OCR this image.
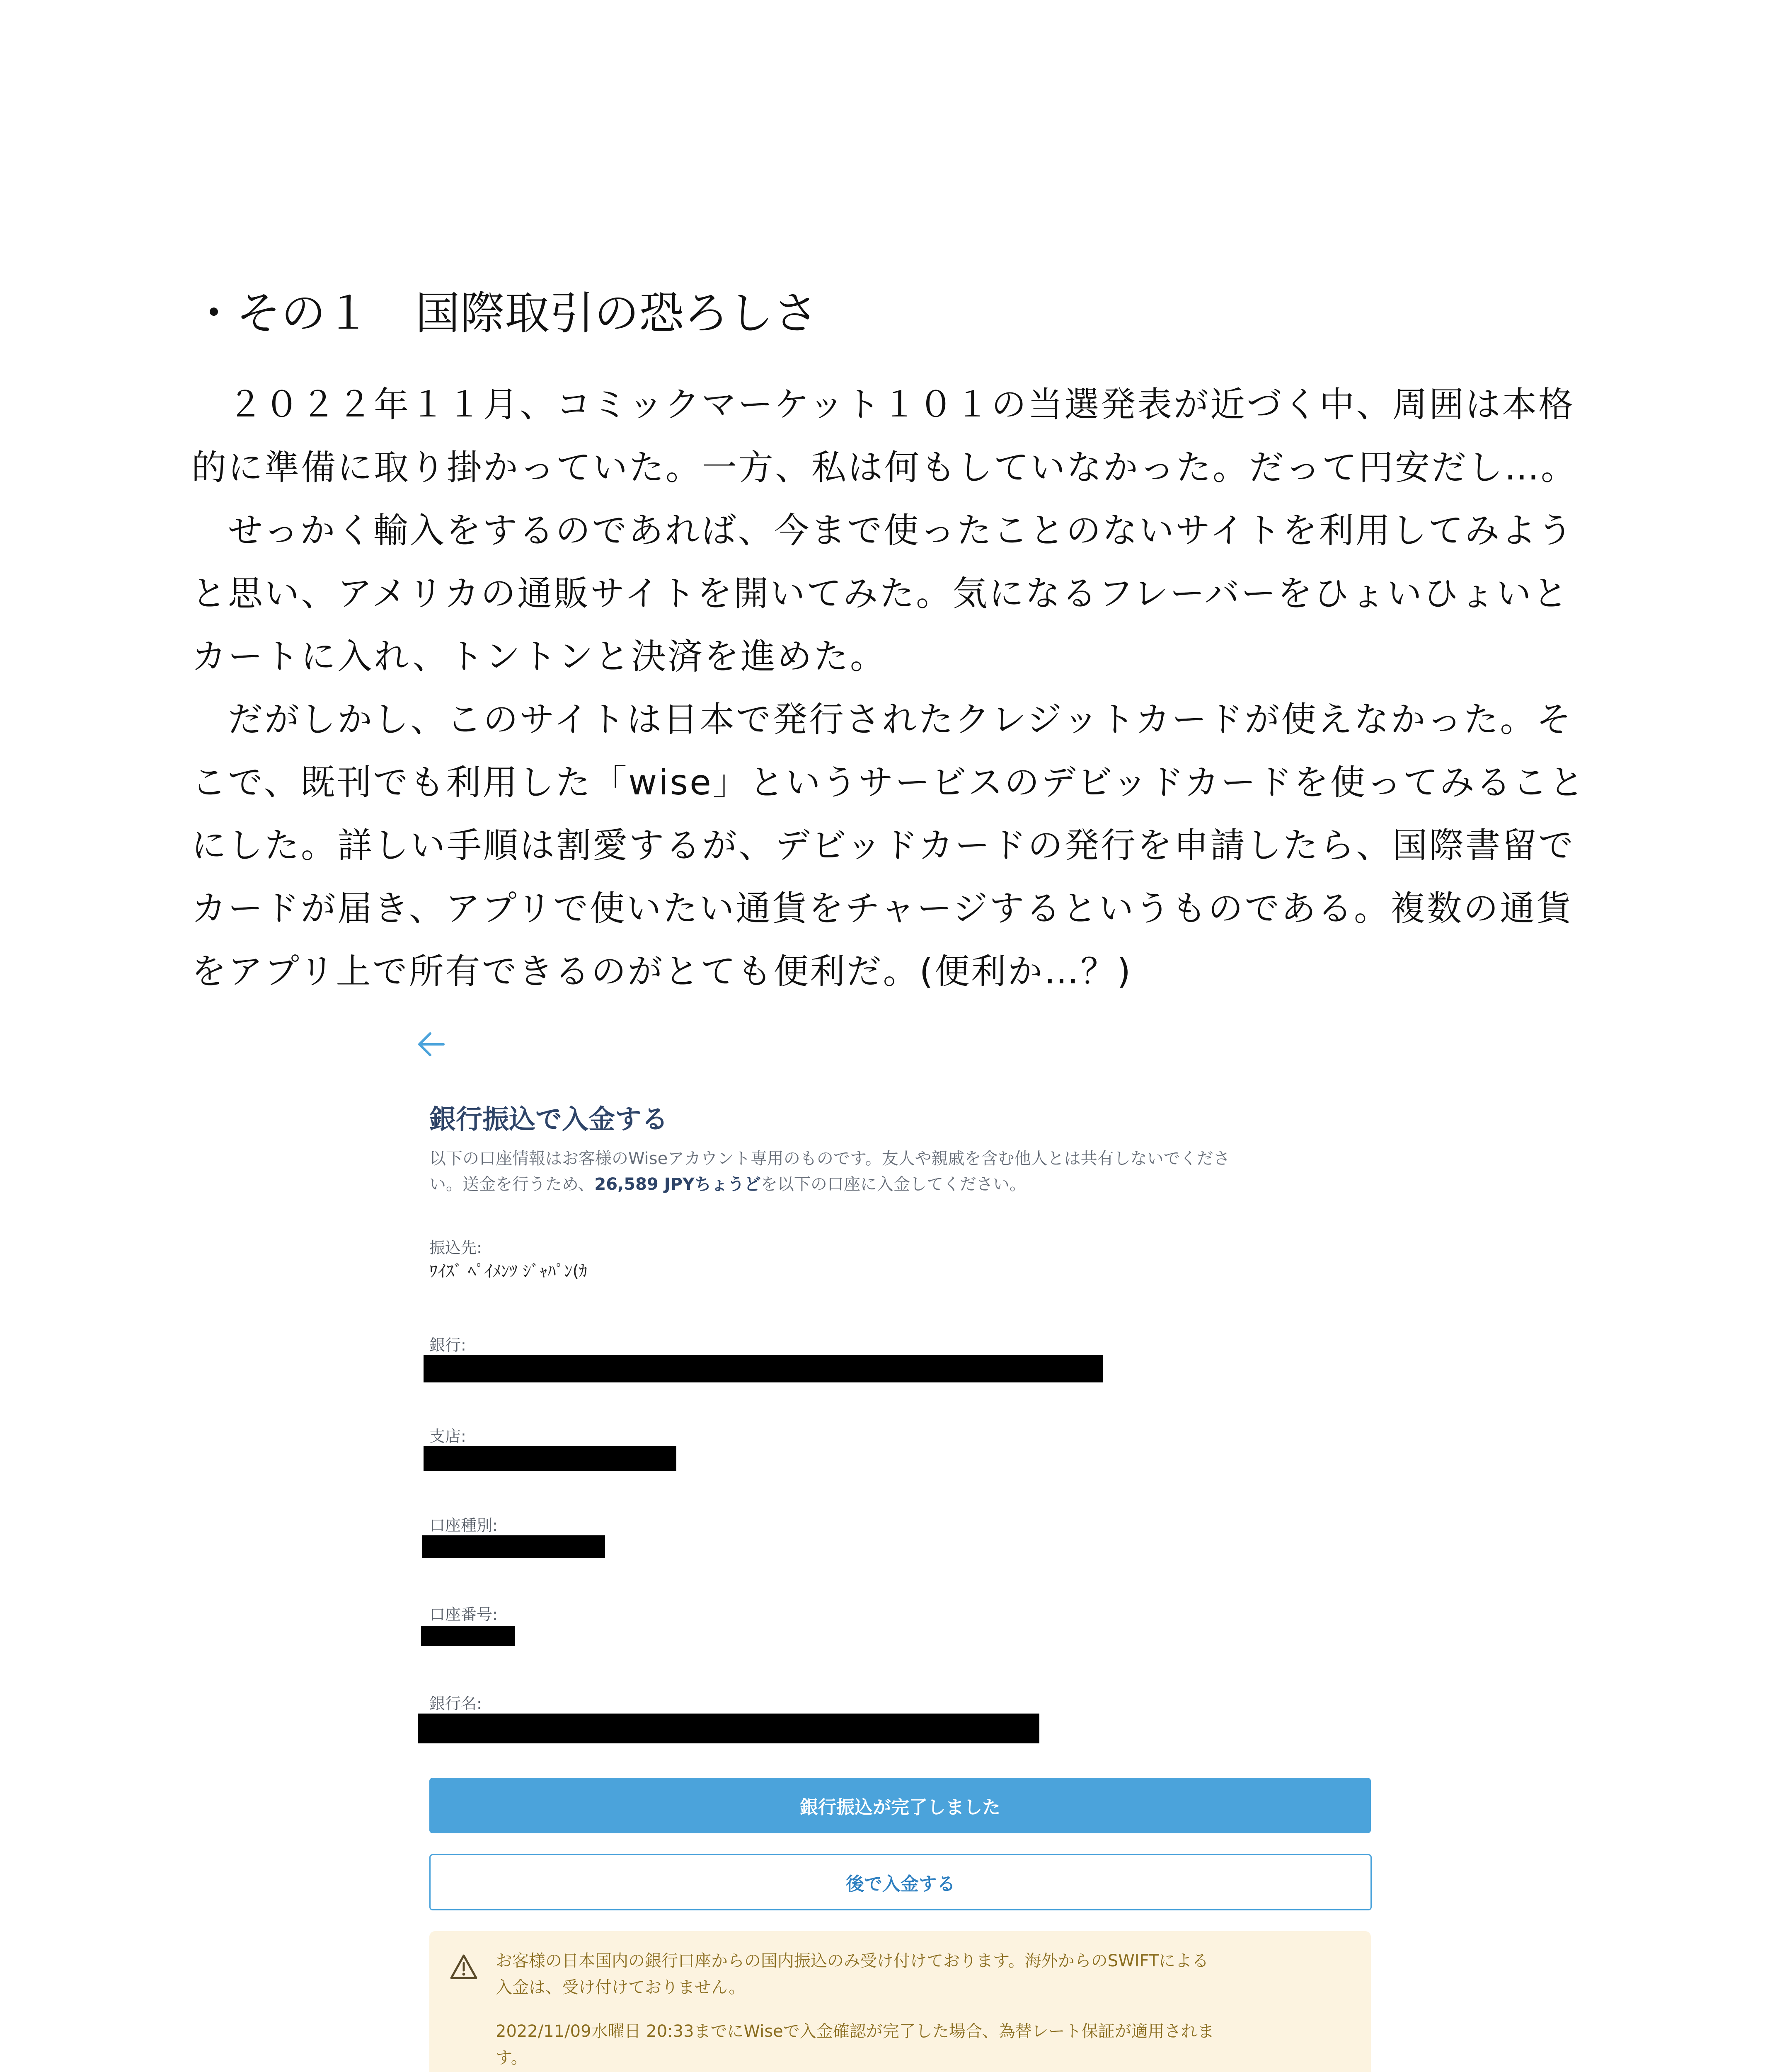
・その１　国際取引の恐ろしさ
　２０２２年１１月、コミックマーケット１０１の当選発表が近づく中、周囲は本格
的に準備に取り掛かっていた。一方、私は何もしていなかった。だって円安だし…。
　せっかく輸入をするのであれば、今まで使ったことのないサイトを利用してみよう
と思い、アメリカの通販サイトを開いてみた。気になるフレーバーをひょいひょいと
カートに入れ、トントンと決済を進めた。
　だがしかし、このサイトは日本で発行されたクレジットカードが使えなかった。そ
こで、既刊でも利用した「wise」というサービスのデビッドカードを使ってみること
にした。詳しい手順は割愛するが、デビッドカードの発行を申請したら、国際書留で
カードが届き、アプリで使いたい通貨をチャージするというものである。複数の通貨
をアプリ上で所有できるのがとても便利だ。(便利か…？)
銀行振込で入金する
以下の口座情報はお客様のWiseアカウント専用のものです。友人や親戚を含む他人とは共有しないでくださ
い。送金を行うため、26,589 JPYちょうどを以下の口座に入金してください。
振込先:
ﾜｲｽﾞ ﾍﾟｲﾒﾝﾂ ｼﾞｬﾊﾟﾝ(ｶ
銀行:
支店:
口座種別:
口座番号:
銀行名:
銀行振込が完了しました
後で入金する
お客様の日本国内の銀行口座からの国内振込のみ受け付けております。海外からのSWIFTによる
入金は、受け付けておりません。
2022/11/09水曜日 20:33までにWiseで入金確認が完了した場合、為替レート保証が適用されま
す。
